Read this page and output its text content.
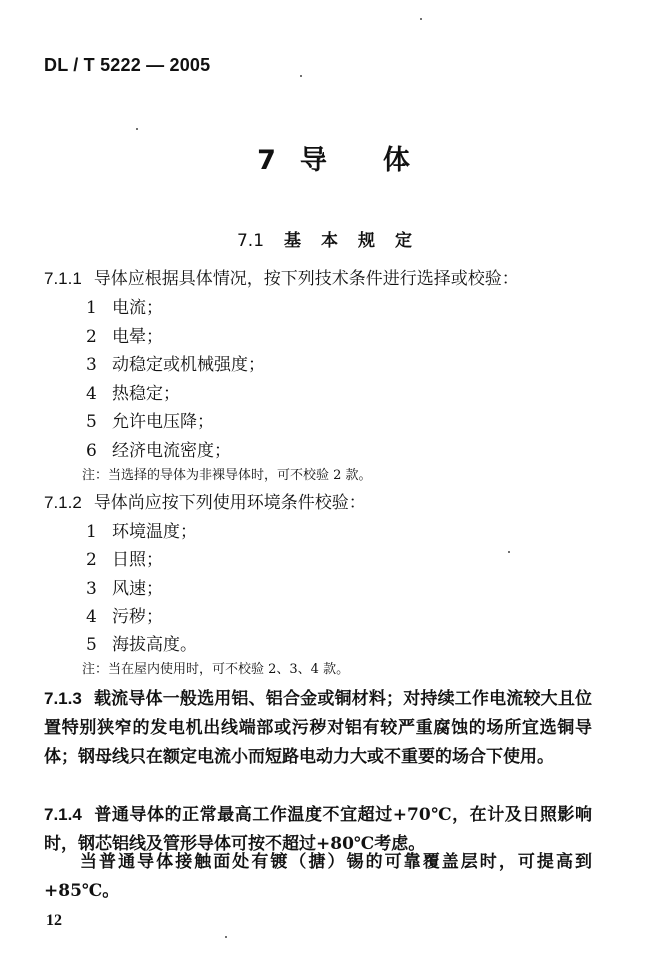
DL / T 5222 — 2005
7 导 体
7.1 基本规定
7.1.1 导体应根据具体情况，按下列技术条件进行选择或校验：
1 电流；
2 电晕；
3 动稳定或机械强度；
4 热稳定；
5 允许电压降；
6 经济电流密度；
注：当选择的导体为非裸导体时，可不校验 2 款。
7.1.2 导体尚应按下列使用环境条件校验：
1 环境温度；
2 日照；
3 风速；
4 污秽；
5 海拔高度。
注：当在屋内使用时，可不校验 2、3、4 款。
7.1.3 载流导体一般选用铝、铝合金或铜材料；对持续工作电流较大且位置特别狭窄的发电机出线端部或污秽对铝有较严重腐蚀的场所宜选铜导体；钢母线只在额定电流小而短路电动力大或不重要的场合下使用。
7.1.4 普通导体的正常最高工作温度不宜超过+70℃，在计及日照影响时，钢芯铝线及管形导体可按不超过+80℃考虑。
当普通导体接触面处有镀（搪）锡的可靠覆盖层时，可提高到+85℃。
12
